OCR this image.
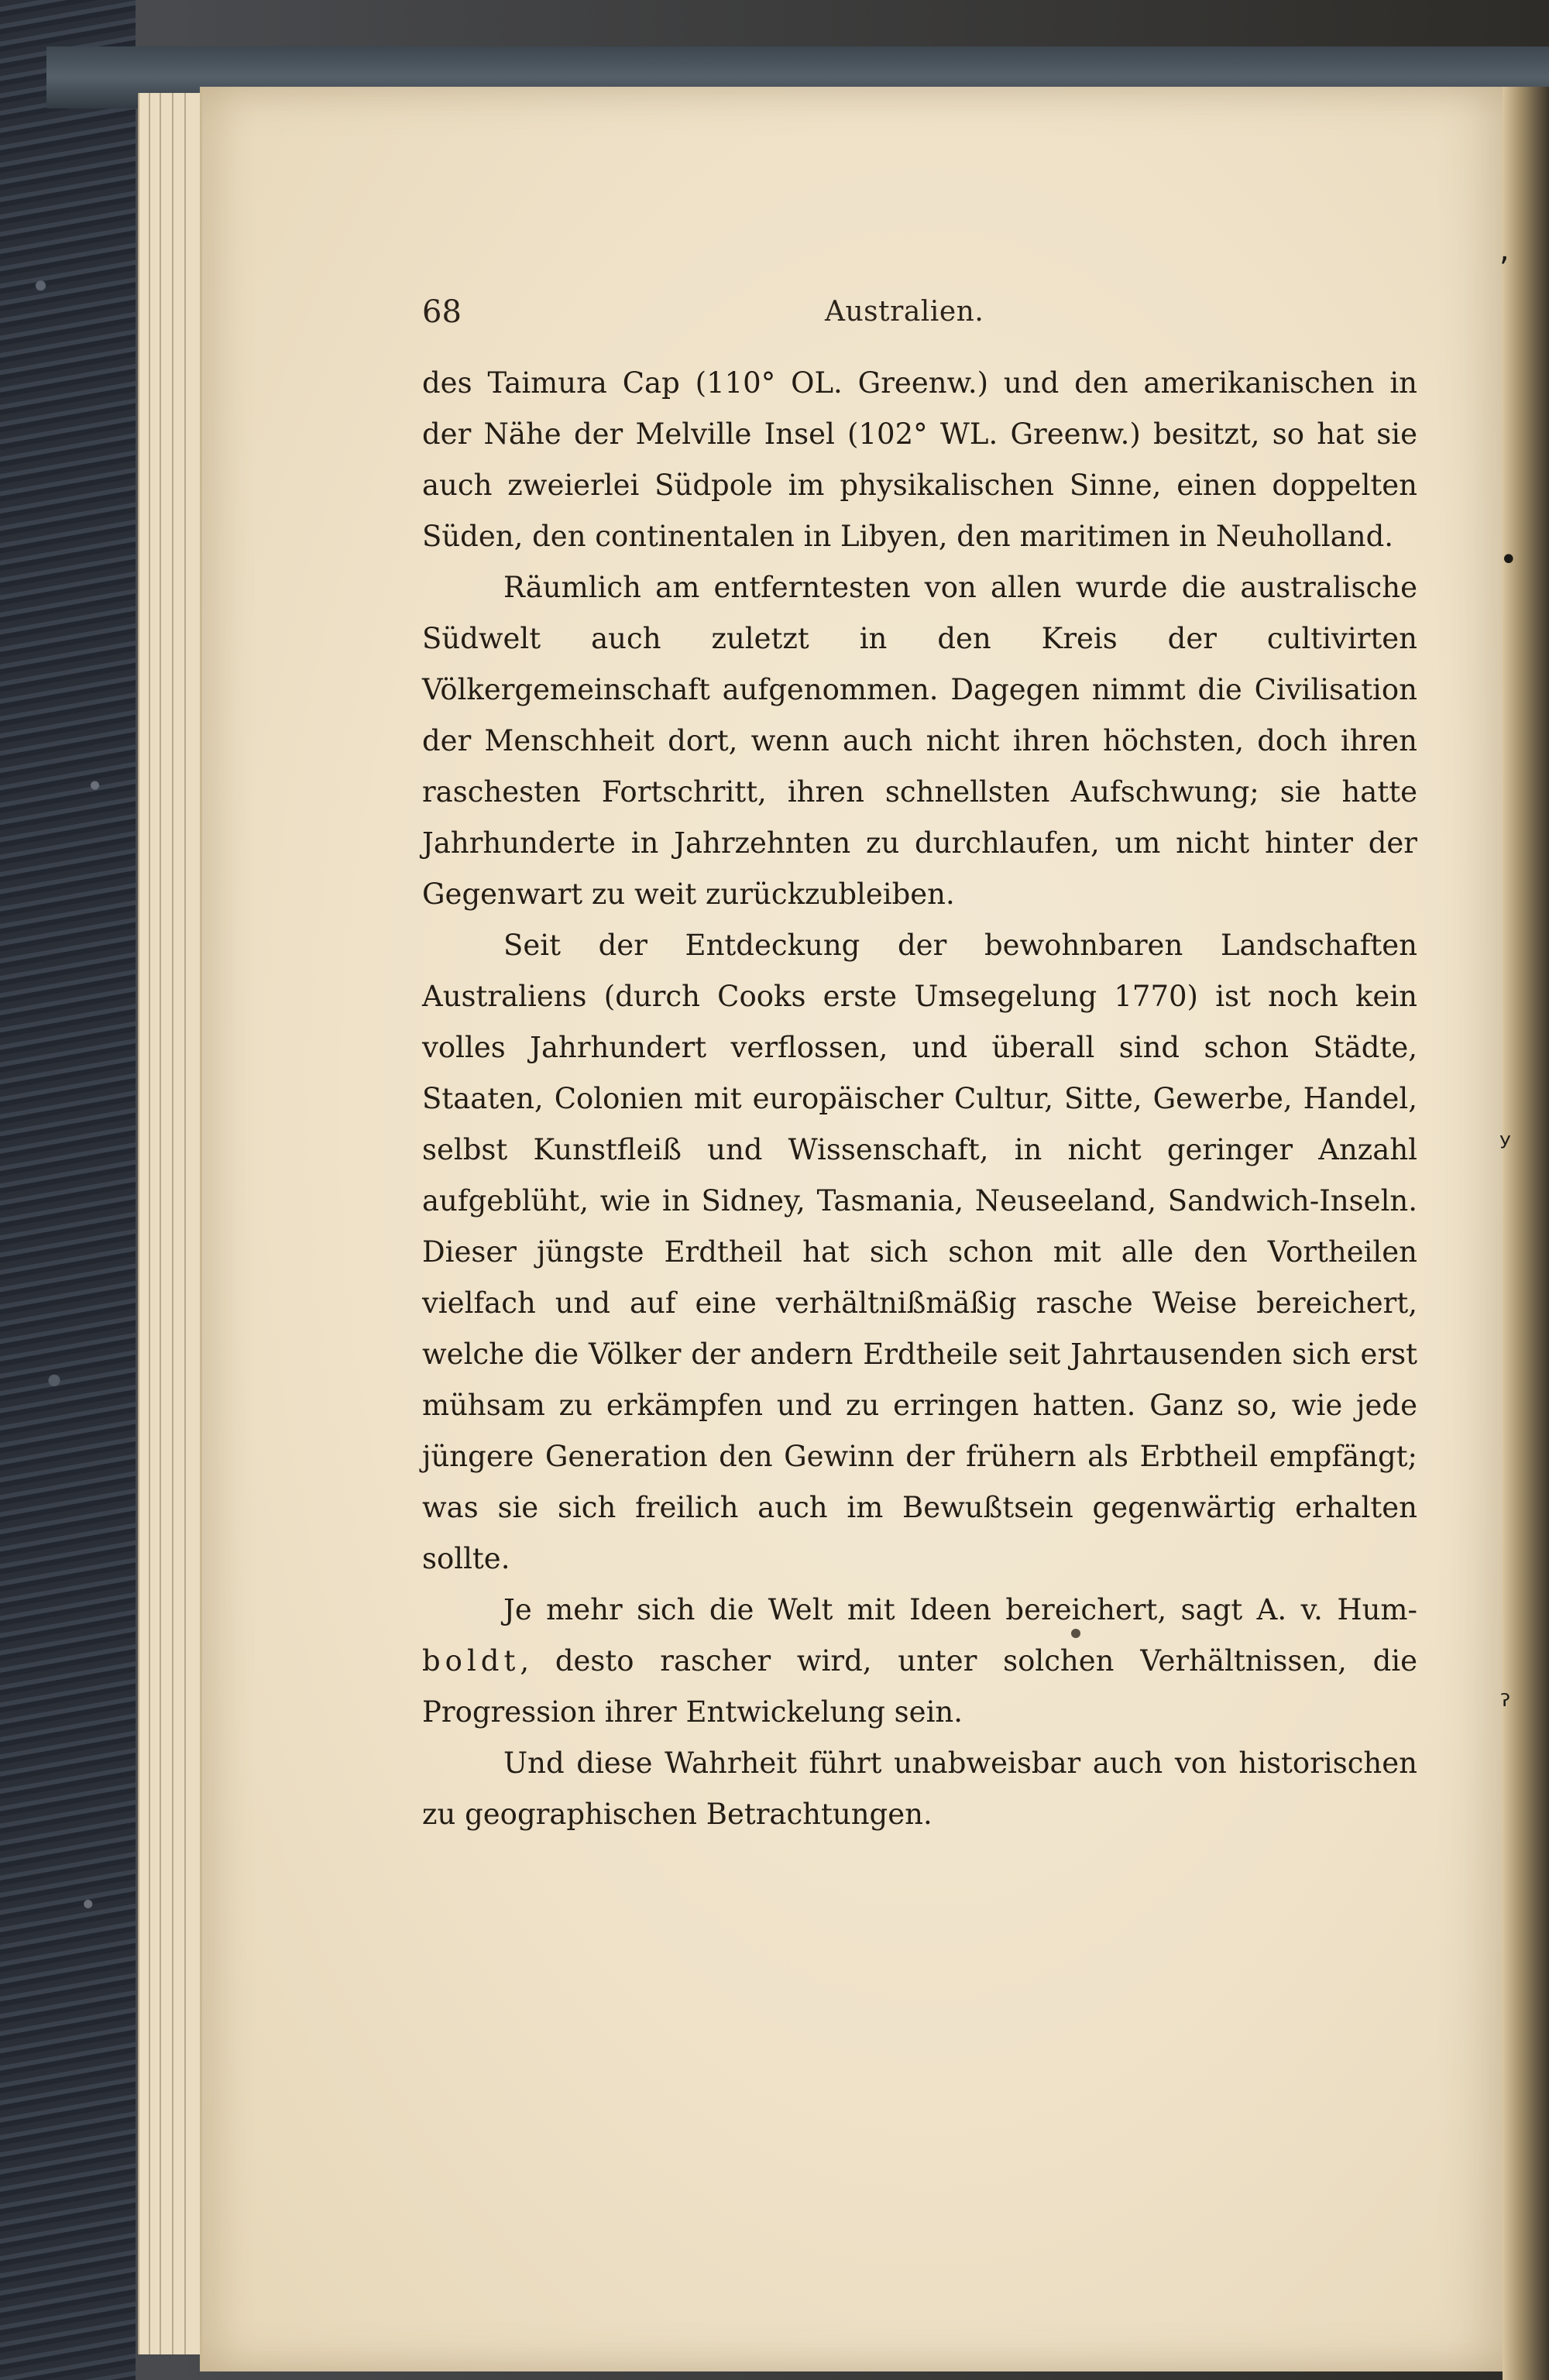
,
•
ʸ
ˀ
68	Australien.

des Taimura Cap (110° OL. Greenw.) und den amerikanischen in der Nähe der Melville Insel (102° WL. Greenw.) besitzt, so hat sie auch zweierlei Südpole im physikalischen Sinne, einen doppelten Süden, den continentalen in Libyen, den maritimen in Neuholland.

Räumlich am entferntesten von allen wurde die australische Südwelt auch zuletzt in den Kreis der cultivirten Völkergemeinschaft aufgenommen. Dagegen nimmt die Civilisation der Menschheit dort, wenn auch nicht ihren höchsten, doch ihren raschesten Fortschritt, ihren schnellsten Aufschwung; sie hatte Jahrhunderte in Jahrzehnten zu durchlaufen, um nicht hinter der Gegenwart zu weit zurückzubleiben.

Seit der Entdeckung der bewohnbaren Landschaften Australiens (durch Cooks erste Umsegelung 1770) ist noch kein volles Jahrhundert verflossen, und überall sind schon Städte, Staaten, Colonien mit europäischer Cultur, Sitte, Gewerbe, Handel, selbst Kunstfleiß und Wissenschaft, in nicht geringer Anzahl aufgeblüht, wie in Sidney, Tasmania, Neuseeland, Sandwich-Inseln. Dieser jüngste Erdtheil hat sich schon mit alle den Vortheilen vielfach und auf eine verhältnißmäßig rasche Weise bereichert, welche die Völker der andern Erdtheile seit Jahrtausenden sich erst mühsam zu erkämpfen und zu erringen hatten. Ganz so, wie jede jüngere Generation den Gewinn der frühern als Erbtheil empfängt; was sie sich freilich auch im Bewußtsein gegenwärtig erhalten sollte.

Je mehr sich die Welt mit Ideen bereichert, sagt A. v. Hum-boldt, desto rascher wird, unter solchen Verhältnissen, die Progression ihrer Entwickelung sein.

Und diese Wahrheit führt unabweisbar auch von historischen zu geographischen Betrachtungen.
